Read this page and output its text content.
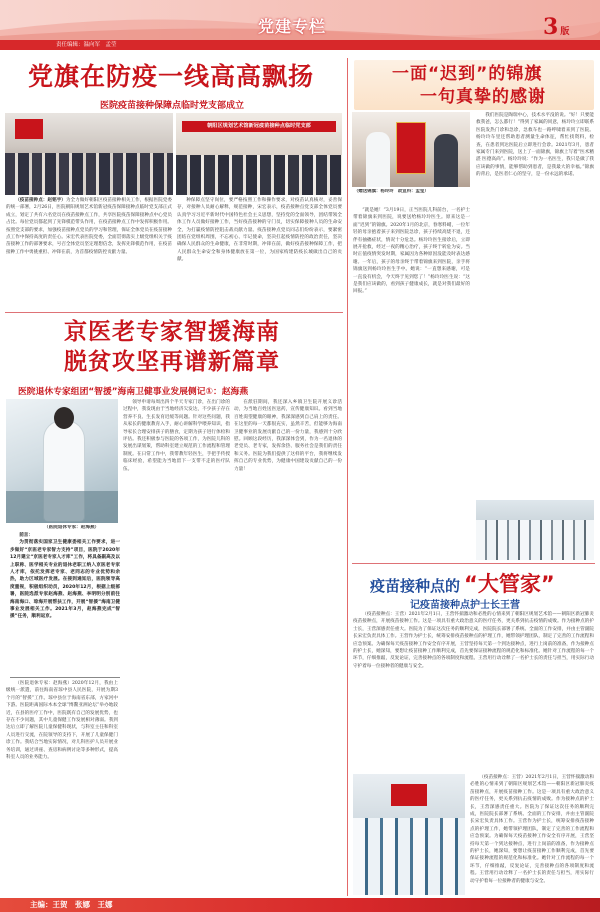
责任编辑：温向军　孟莹
党建专栏	3 版
党旗在防疫一线高高飘扬
医院疫苗接种保障点临时党支部成立
朝阳区规划艺术馆新冠疫苗接种点临时党支部

（疫苗接种点：赵铭宇）为全力做好朝阳区疫苗接种相关工作，根据医院党委的统一部署，2月26日，医院朝阳规划艺术馆新冠疫苗保障接种点临时党支部正式成立，划定了共有六名党员在疫苗接种点工作，共享医院疫苗保障接种点中心党员占比。每位党员都起到了先锋模范带头作用，在疫苗接种点工作中发挥积极作用。按照党支部的要求，加强疫苗接种点党员的学习和管理，保证全体党员在疫苗接种点工作中保持高度的责任心。宋宏代表医院党委，全面贯彻落实上级党组织关于疫苗接种工作的部署要求，号召全体党员坚定理想信念，发挥先锋模范作用，在疫苗接种工作中勇挑重担、冲锋在前，为首都疫情防控贡献力量。

种保障点坚守岗位，要严格按照工作和操作要求，对疫苗认真核对，妥善保存，对接种人员耐心解释，规范接种，宋宏表示，疫苗接种点党支部全体党员要认真学习习近平新时代中国特色社会主义思想，坚持党的全面领导，团结带领全体工作人员做好接种工作，当好疫苗接种的守门员，切实保障接种人员的生命安全，为打赢疫情防控阻击战贡献力量。疫苗接种点党员同志们纷纷表示，要紧密团结在党组织周围，不忘初心、牢记使命，坚决扛起疫情防控的政治责任，坚决确保人民群众的生命健康，在非常时期，冲锋在前，做好疫苗接种保障工作，把人民群众生命安全和身体健康放在第一位，为国家构建防疫长城做出自己的贡献。

京医老专家智援海南
脱贫攻坚再谱新篇章
医院退休专家组团“智援”海南卫健事业发展侧记①：赵海燕
（医院退休专家：赵海燕）
前言：

为贯彻落实国家卫生健康委相关工作要求，进一步做好“京医老专家智力支持”项目，医院于2020年12月建立“京医老专家人才库”工作，将具备副高及以上职称、医学相关专业的退休老职工纳入京医老专家人才库，依托发挥老专家、老同志的专业优势和余热，助力区域医疗发展。在接到通知后，医院领导高度重视，积极组织动员，2020年12月，根据上级部署，医院选派专家赵海燕、赵海燕、李明明分别前往海南海口、琼海开展帮扶工作，开展“智援”海南卫健事业发展相关工作。2021年3月，赵海燕完成“智援”任务，顺利返京。

（医院退休专家：赵海燕）2020年12月，我由上级统一派遣，前往海南省琼中县人民医院，开展为期3个月的“智援”工作。琼中县位于海南省东部，方家河中下游。医院距离国际木本全球“博鳌亚洲论坛”举办地较近，在县的医疗工作中，医院既有自己的发展优势，也存在不少问题，其中儿童保健工作发展相对薄弱。我到达后立即了解医院儿童保健科现状，与科室主任和科室人员进行交流，在院领导的支持下，开展了儿童保健门诊工作。我结合当地实际情况，对儿科医护人员开展业务培训，通过讲座、查房和病例讨论等多种形式，提高科室人员的业务能力。

领导申请每周出四个半天专家门诊，在出门诊的过程中，我发现由于当地经济欠发达，不少孩子存在营养不良、生长发育迟缓等问题。针对这些问题，我从家长的健康教育入手，耐心讲解科学喂养知识，指导家长合理安排孩子的膳食，定期为孩子进行体检和评估。我还积极参与医院的各项工作，为医院儿科的发展出谋划策，帮助科室建立规范的工作流程和管理制度。在日常工作中，我带教年轻医生，手把手传授临床经验，希望能为当地留下一支带不走的医疗队伍。

在派驻期间，我还深入乡镇卫生院开展义诊活动，为当地百姓送医送药，宣传健康知识。看到当地百姓渴望健康的眼神，我深深感到自己肩上的责任。在这里的每一天都很充实，虽然辛苦，但能够为海南卫健事业的发展贡献自己的一份力量，我感到十分欣慰。回顾这段经历，我深深体会到，作为一名退休的老党员、老专家，发挥余热、服务社会是我们的责任和义务。医院为我们提供了这样的平台，我将继续发挥自己的专业优势，为健康中国建设贡献自己的一份力量！

一面“迟到”的锦旗
一句真挚的感谢
（赠送锦旗：杨玲玲　政宣科：孟莹）

“就是她！”3月19日，正当医院儿科前台，一名护士带着锦旗来到医院，说要送给杨玲玲医生。原来这是一面“迟到”的锦旗。2020年1月的北京，春寒料峭，一位年轻的母亲抱着孩子来到医院急诊，孩子持续高烧不退，还伴有抽搐症状，情况十分危急。杨玲玲医生接诊后，立即展开抢救，经过一夜的精心治疗，孩子终于转危为安。当时正值疫情突发时期，家属因为各种原因没能及时表达感谢。一年后，孩子的母亲终于带着锦旗来到医院，亲手将锦旗送到杨玲玲医生手中。她说：“一直想来感谢，可是一直没有机会，今天终于见到您了！”杨玲玲医生说：“这是我们应该做的，看到孩子健康成长，就是对我们最好的回报。”

我们医院是陶瑞中心，技术水平没的说。“好！只要能救我爸，怎么都行！”得到了家属的同意，杨玲玲立即联系医院发热门诊和急诊，急救车也一路呼啸着来到了医院。杨玲玲车里还帮助患者测量生命体征，帮忙找资料，检查，在患者到达医院后立即进行会诊。2021年3月，患者家属专门来到医院，送上了一面锦旗，锦旗上写着“医术精湛 医德高尚”。杨玲玲说：“作为一名医生，我只是做了我应该做的事情，能够帮助到患者，是我最大的幸福。”锦旗的背后，是医者仁心的坚守，是一份永远的承诺。

疫苗接种点的 “大管家”
记疫苗接种点护士长王营

（疫苗接种点：王营）2021年2月1日，王营怀揣激动和必胜的心情来到了朝阳区规划艺术馆——朝阳区新冠肺炎疫苗接种点，开展疫苗接种工作。这是一项具有重大政治意义的医疗任务，更关系到抗击疫情的成败。作为接种点的护士长，王营深感责任重大。医院为了保证这次任务的顺利完成，医院院长部署了系统、全面的工作安排，并由主管副院长宋宏负责具体工作。王营作为护士长，统筹安排疫苗接种点的护理工作，她带领护理团队，制定了完善的工作流程和应急预案。为确保每天疫苗接种工作安全有序开展，王营坚持每天第一个到达接种点，进行上岗前的准备，作为接种点的护士长，她深知，要想让疫苗接种工作顺利完成，首先要保证接种流程的规范化和标准化。她针对工作流程的每一个环节，仔细推敲，反复论证，完善接种点的各项制度和流程。王营用行动诠释了一名护士长的责任与担当，用实际行动守护着每一位接种者的健康与安全。

（疫苗接种点：王营）2021年2月1日，王营怀揣激动和必胜的心情来到了朝阳区规划艺术馆——朝阳区新冠肺炎疫苗接种点，开展疫苗接种工作。这是一项具有重大政治意义的医疗任务，更关系到抗击疫情的成败。作为接种点的护士长，王营深感责任重大。医院为了保证这次任务的顺利完成，医院院长部署了系统、全面的工作安排，并由主管副院长宋宏负责具体工作。王营作为护士长，统筹安排疫苗接种点的护理工作，她带领护理团队，制定了完善的工作流程和应急预案。为确保每天疫苗接种工作安全有序开展，王营坚持每天第一个到达接种点，进行上岗前的准备，作为接种点的护士长，她深知，要想让疫苗接种工作顺利完成，首先要保证接种流程的规范化和标准化。她针对工作流程的每一个环节，仔细推敲，反复论证，完善接种点的各项制度和流程。王营用行动诠释了一名护士长的责任与担当，用实际行动守护着每一位接种者的健康与安全。

主编：王贺　张娜　王娜
